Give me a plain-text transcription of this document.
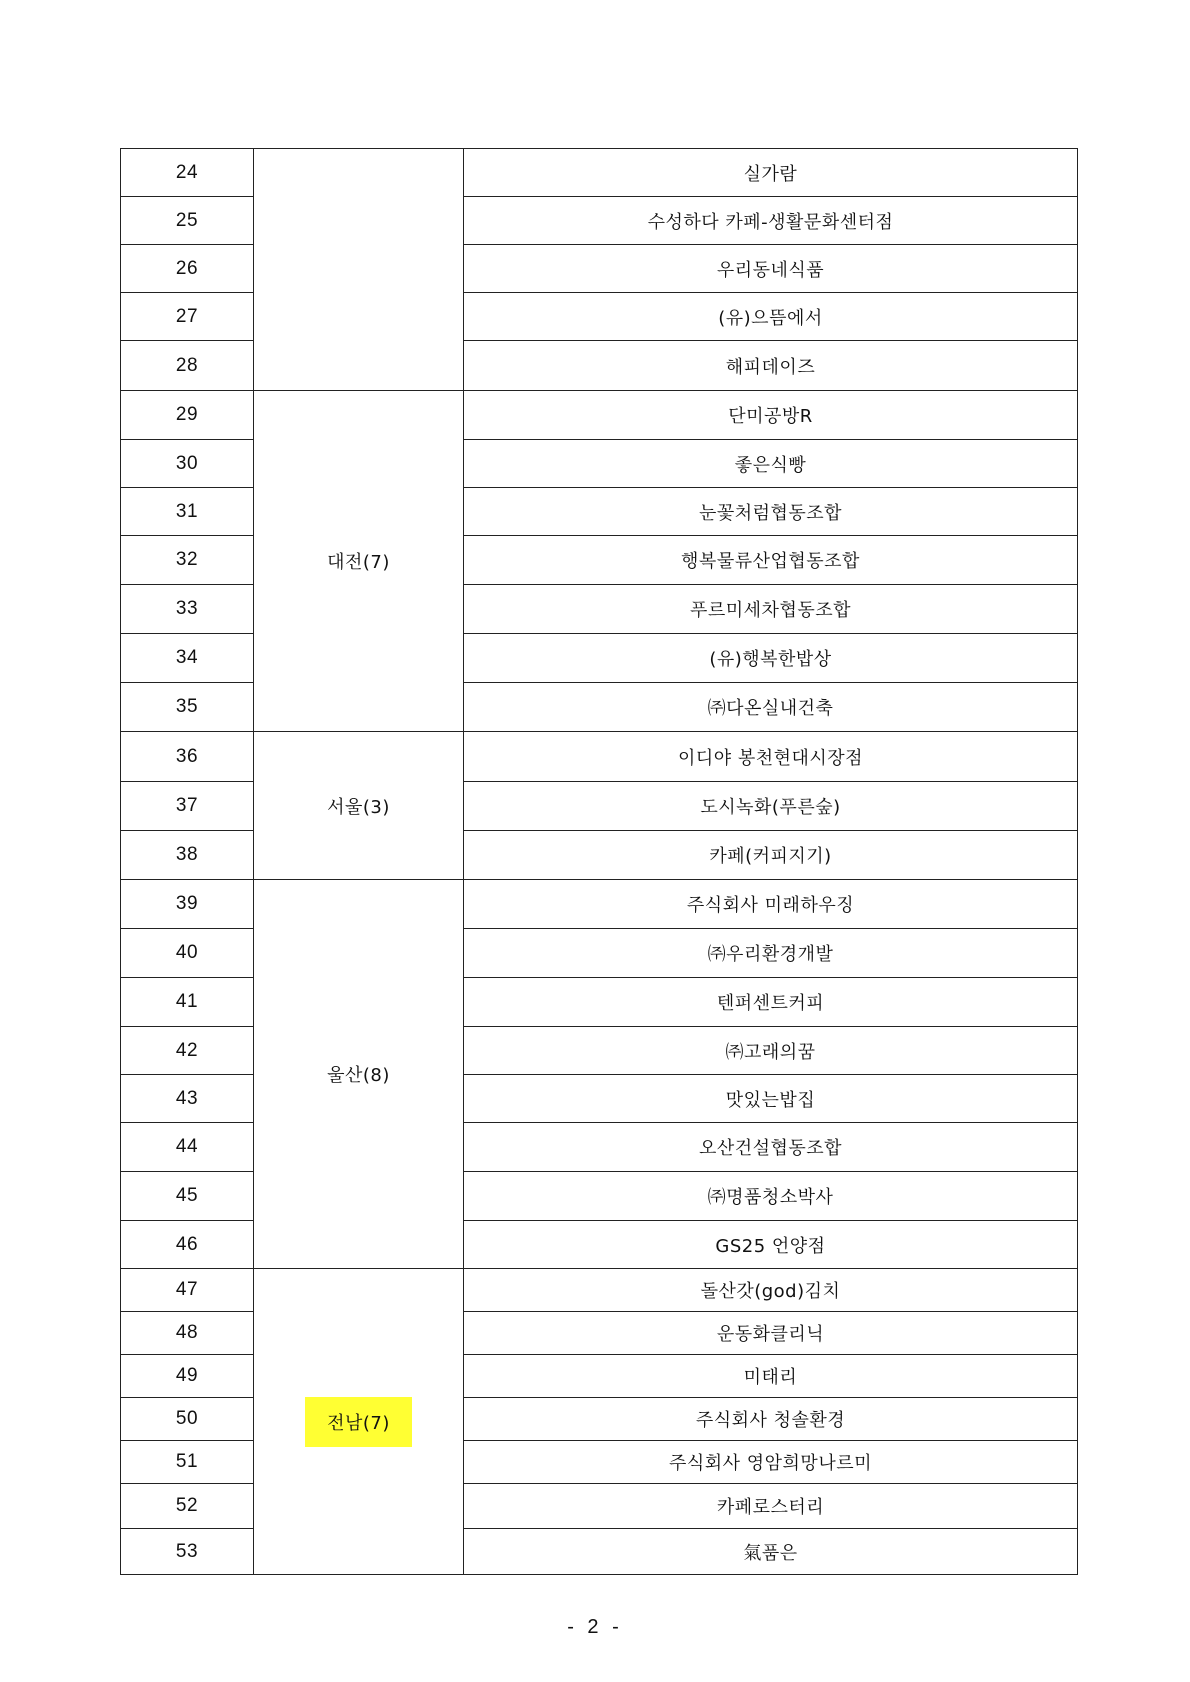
24		실가람
25		수성하다 카페-생활문화센터점
26		우리동네식품
27		(유)으뜸에서
28		해피데이즈
29	대전(7)	단미공방R
30		좋은식빵
31		눈꽃처럼협동조합
32		행복물류산업협동조합
33		푸르미세차협동조합
34		(유)행복한밥상
35		㈜다온실내건축
36	서울(3)	이디야 봉천현대시장점
37		도시녹화(푸른숲)
38		카페(커피지기)
39	울산(8)	주식회사 미래하우징
40		㈜우리환경개발
41		텐퍼센트커피
42		㈜고래의꿈
43		맛있는밥집
44		오산건설협동조합
45		㈜명품청소박사
46		GS25 언양점
47	전남(7)	돌산갓(god)김치
48		운동화클리닉
49		미태리
50		주식회사 청솔환경
51		주식회사 영암희망나르미
52		카페로스터리
53		氣품은
- 2 -
